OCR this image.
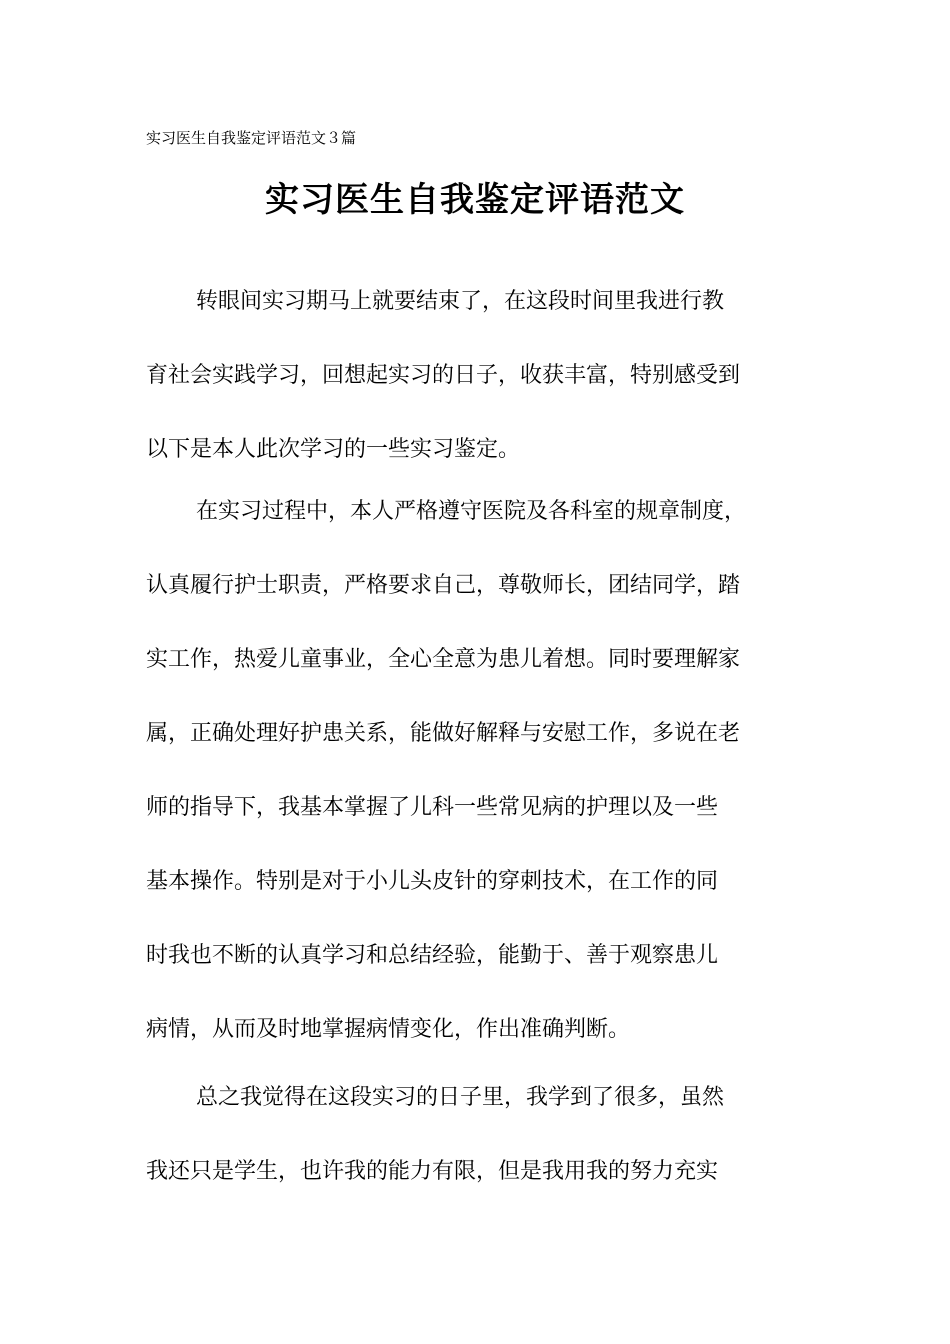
实习医生自我鉴定评语范文３篇
实习医生自我鉴定评语范文
转眼间实习期马上就要结束了，在这段时间里我进行教
育社会实践学习，回想起实习的日子，收获丰富，特别感受到
以下是本人此次学习的一些实习鉴定。
在实习过程中，本人严格遵守医院及各科室的规章制度，
认真履行护士职责，严格要求自己，尊敬师长，团结同学，踏
实工作，热爱儿童事业，全心全意为患儿着想。同时要理解家
属，正确处理好护患关系，能做好解释与安慰工作，多说在老
师的指导下，我基本掌握了儿科一些常见病的护理以及一些
基本操作。特别是对于小儿头皮针的穿刺技术，在工作的同
时我也不断的认真学习和总结经验，能勤于、善于观察患儿
病情，从而及时地掌握病情变化，作出准确判断。
总之我觉得在这段实习的日子里，我学到了很多，虽然
我还只是学生，也许我的能力有限，但是我用我的努力充实
